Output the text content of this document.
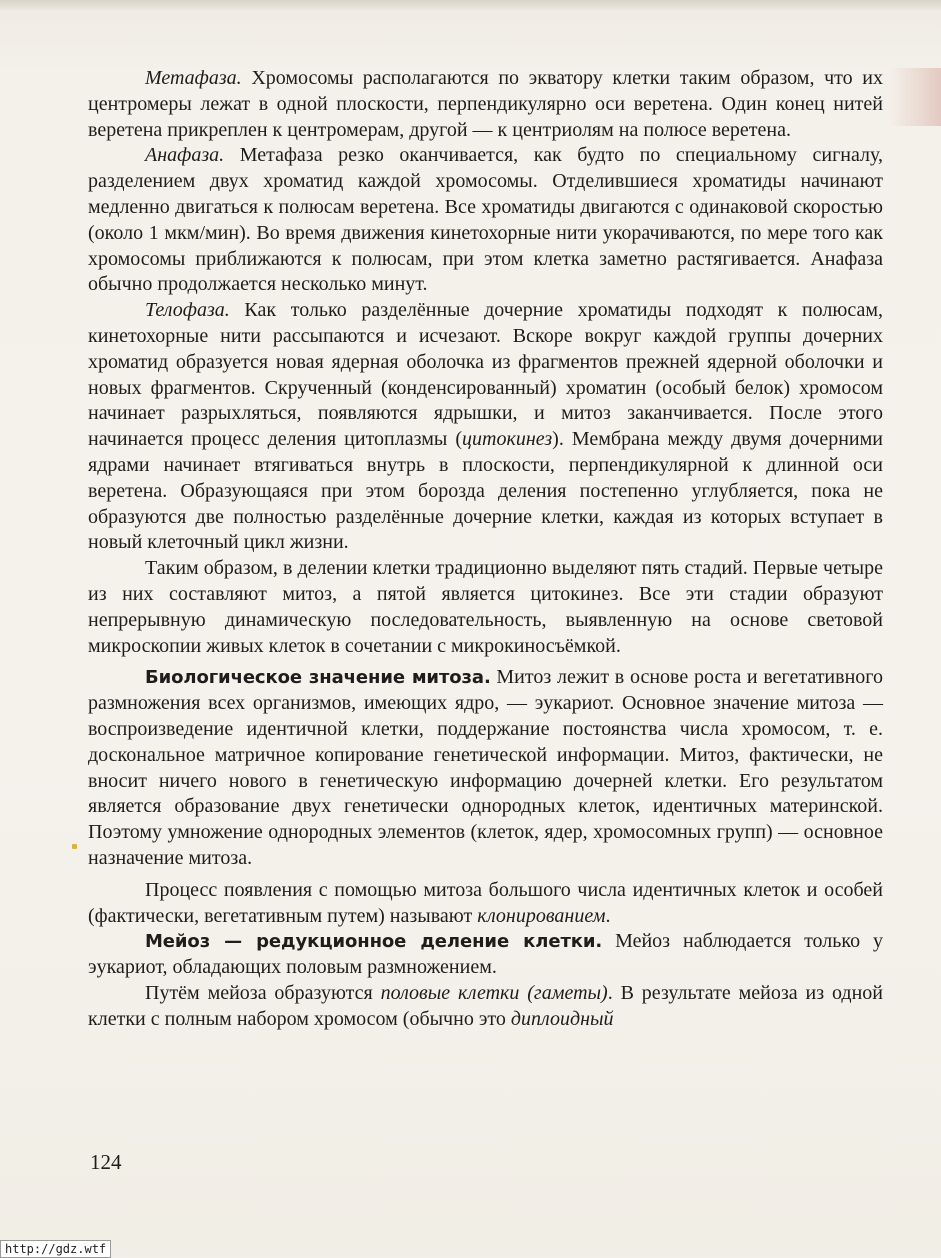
Метафаза. Хромосомы располагаются по экватору клетки таким образом, что их центромеры лежат в одной плоскости, перпендикулярно оси веретена. Один конец нитей веретена прикреплен к центромерам, другой — к центриолям на полюсе веретена.

Анафаза. Метафаза резко оканчивается, как будто по специальному сигналу, разделением двух хроматид каждой хромосомы. Отделившиеся хроматиды начинают медленно двигаться к полюсам веретена. Все хроматиды двигаются с одинаковой скоростью (около 1 мкм/мин). Во время движения кинетохорные нити укорачиваются, по мере того как хромосомы приближаются к полюсам, при этом клетка заметно растягивается. Анафаза обычно продолжается несколько минут.

Телофаза. Как только разделённые дочерние хроматиды подходят к полюсам, кинетохорные нити рассыпаются и исчезают. Вскоре вокруг каждой группы дочерних хроматид образуется новая ядерная оболочка из фрагментов прежней ядерной оболочки и новых фрагментов. Скрученный (конденсированный) хроматин (особый белок) хромосом начинает разрыхляться, появляются ядрышки, и митоз заканчивается. После этого начинается процесс деления цитоплазмы (цитокинез). Мембрана между двумя дочерними ядрами начинает втягиваться внутрь в плоскости, перпендикулярной к длинной оси веретена. Образующаяся при этом борозда деления постепенно углубляется, пока не образуются две полностью разделённые дочерние клетки, каждая из которых вступает в новый клеточный цикл жизни.

Таким образом, в делении клетки традиционно выделяют пять стадий. Первые четыре из них составляют митоз, а пятой является цитокинез. Все эти стадии образуют непрерывную динамическую последовательность, выявленную на основе световой микроскопии живых клеток в сочетании с микрокиносъёмкой.

Биологическое значение митоза. Митоз лежит в основе роста и вегетативного размножения всех организмов, имеющих ядро, — эукариот. Основное значение митоза — воспроизведение идентичной клетки, поддержание постоянства числа хромосом, т. е. доскональное матричное копирование генетической информации. Митоз, фактически, не вносит ничего нового в генетическую информацию дочерней клетки. Его результатом является образование двух генетически однородных клеток, идентичных материнской. Поэтому умножение однородных элементов (клеток, ядер, хромосомных групп) — основное назначение митоза.

Процесс появления с помощью митоза большого числа идентичных клеток и особей (фактически, вегетативным путем) называют клонированием.

Мейоз — редукционное деление клетки. Мейоз наблюдается только у эукариот, обладающих половым размножением.

Путём мейоза образуются половые клетки (гаметы). В результате мейоза из одной клетки с полным набором хромосом (обычно это диплоидный

124
http://gdz.wtf
